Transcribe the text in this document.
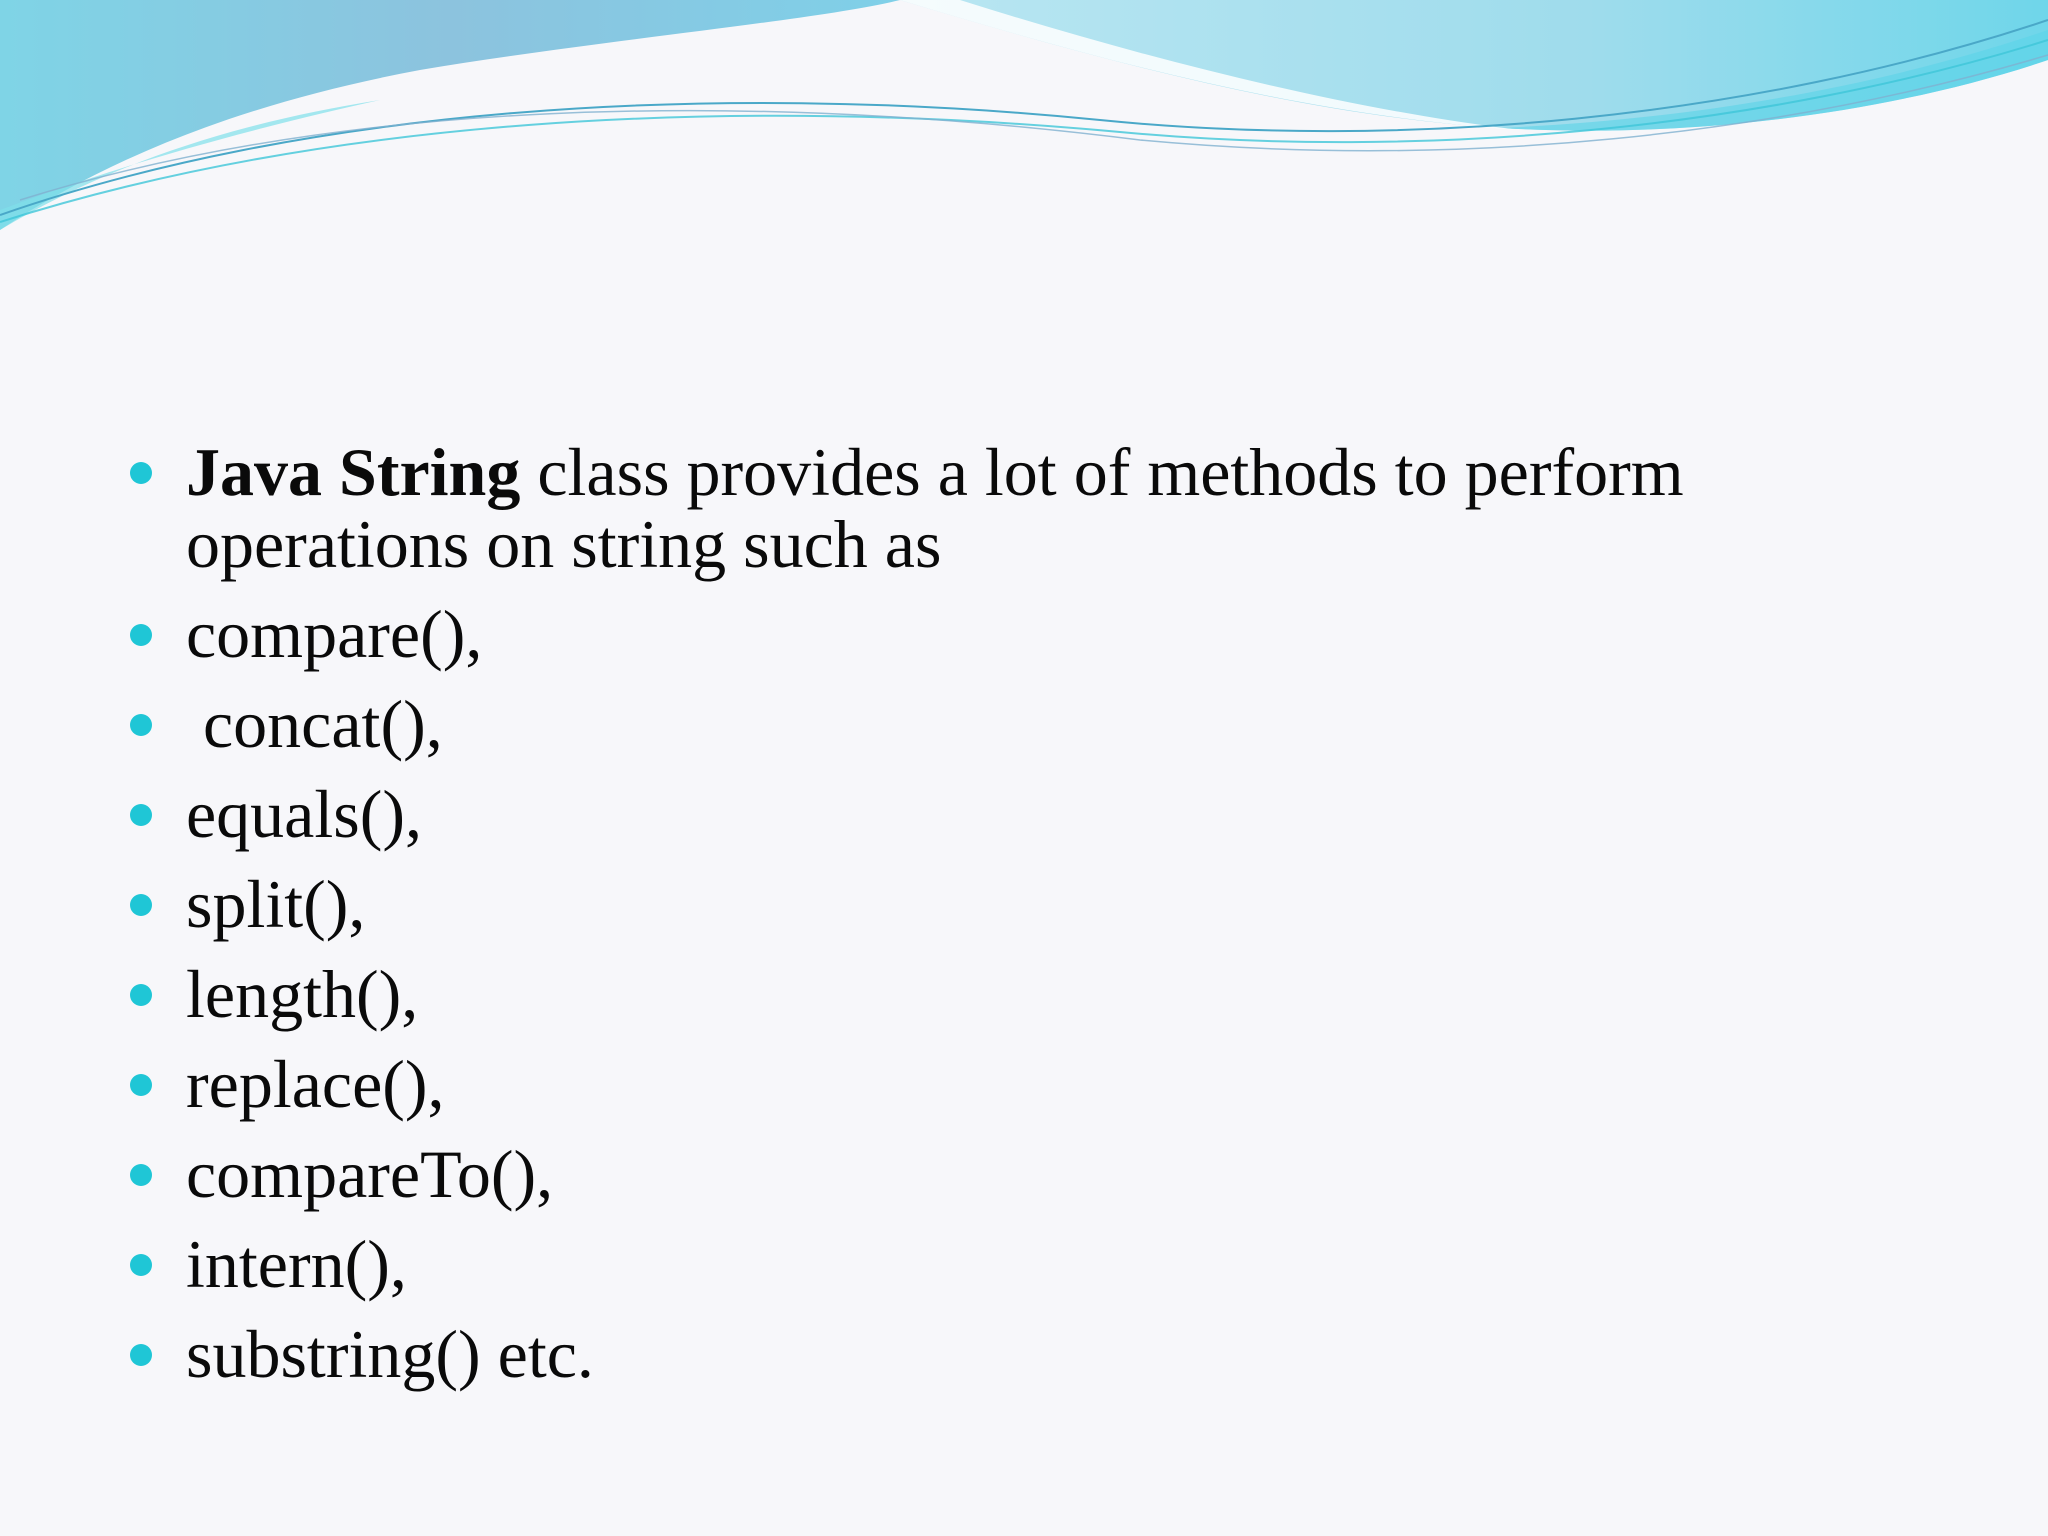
Java String class provides a lot of methods to perform operations on string such as
compare(),
concat(),
equals(),
split(),
length(),
replace(),
compareTo(),
intern(),
substring() etc.
